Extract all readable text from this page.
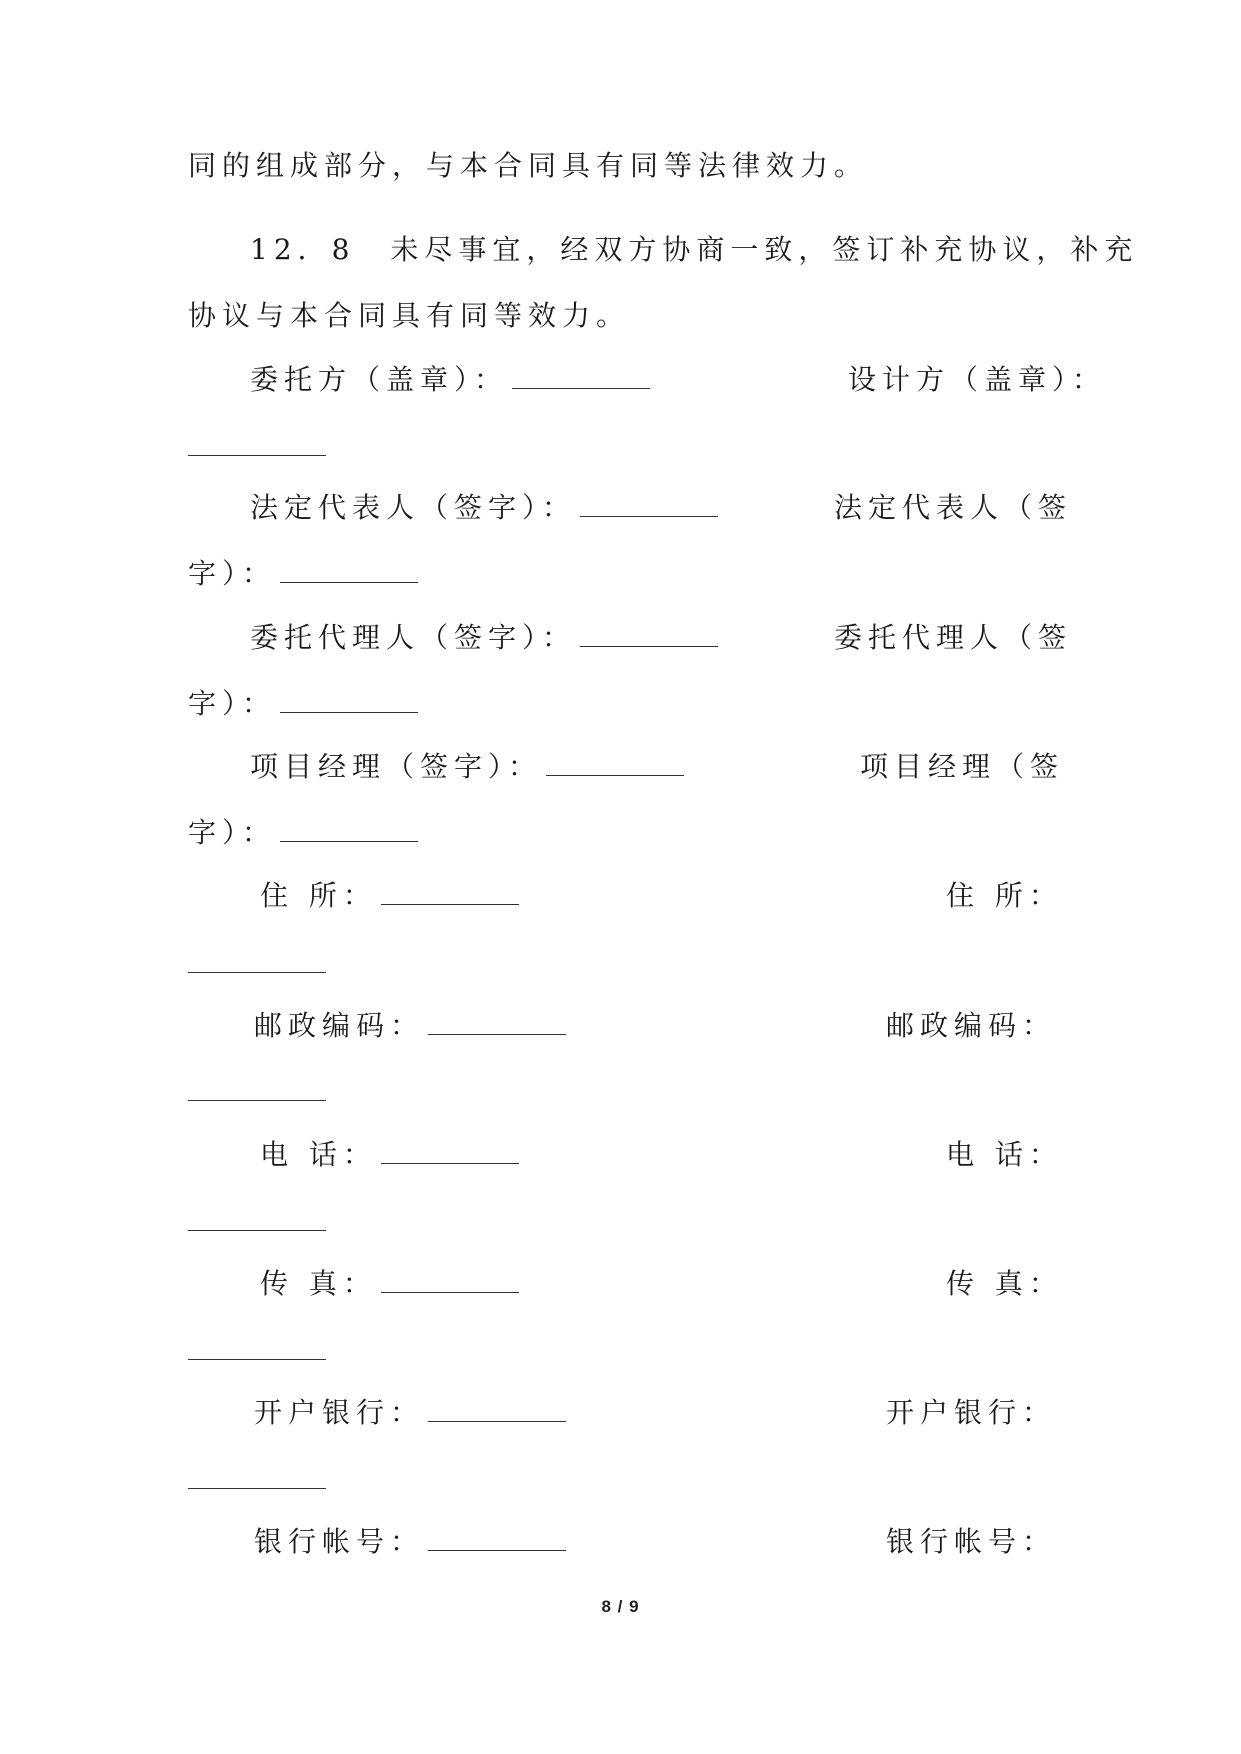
同的组成部分，与本合同具有同等法律效力。
12．8 未尽事宜，经双方协商一致，签订补充协议，补充
协议与本合同具有同等效力。
委托方（盖章）：	设计方（盖章）：
法定代表人（签字）：	法定代表人（签
字）：
委托代理人（签字）：	委托代理人（签
字）：
项目经理（签字）：	项目经理（签
字）：
住 所：	住 所：
邮政编码：	邮政编码：
电 话：	电 话：
传 真：	传 真：
开户银行：	开户银行：
银行帐号：	银行帐号：
8 / 9
